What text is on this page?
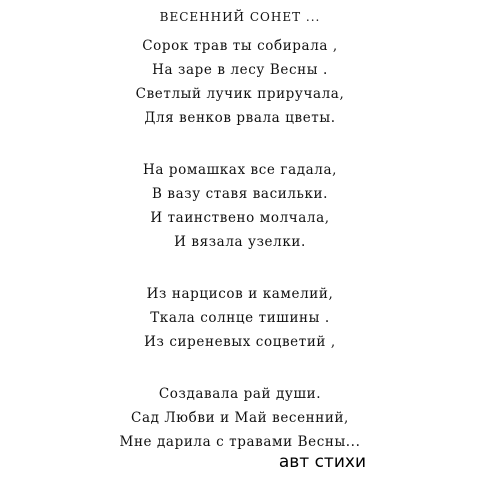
ВЕСЕННИЙ СОНЕТ ...
Сорок трав ты собирала ,
На заре в лесу Весны .
Светлый лучик приручала,
Для венков рвала цветы.
На ромашках все гадала,
В вазу ставя васильки.
И таинствено молчала,
И вязала узелки.
Из нарцисов и камелий,
Ткала солнце тишины .
Из сиреневых соцветий ,
Создавала рай души.
Сад Любви и Май весенний,
Мне дарила с травами Весны...
авт стихи
